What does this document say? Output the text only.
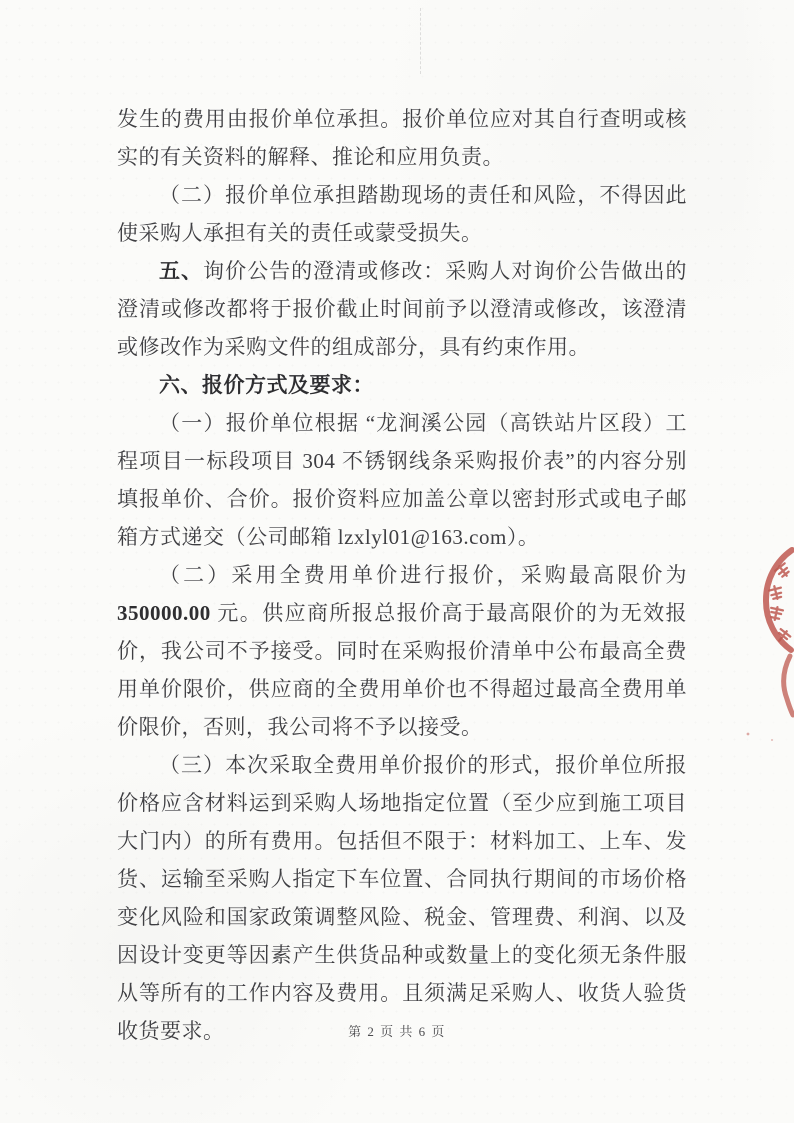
发生的费用由报价单位承担。报价单位应对其自行查明或核实的有关资料的解释、推论和应用负责。

（二）报价单位承担踏勘现场的责任和风险，不得因此使采购人承担有关的责任或蒙受损失。

五、询价公告的澄清或修改：采购人对询价公告做出的澄清或修改都将于报价截止时间前予以澄清或修改，该澄清或修改作为采购文件的组成部分，具有约束作用。

六、报价方式及要求：

（一）报价单位根据 “龙涧溪公园（高铁站片区段）工程项目一标段项目 304 不锈钢线条采购报价表”的内容分别填报单价、合价。报价资料应加盖公章以密封形式或电子邮箱方式递交（公司邮箱 lzxlyl01@163.com）。

（二）采用全费用单价进行报价，采购最高限价为 350000.00 元。供应商所报总报价高于最高限价的为无效报价，我公司不予接受。同时在采购报价清单中公布最高全费用单价限价，供应商的全费用单价也不得超过最高全费用单价限价，否则，我公司将不予以接受。

（三）本次采取全费用单价报价的形式，报价单位所报价格应含材料运到采购人场地指定位置（至少应到施工项目大门内）的所有费用。包括但不限于：材料加工、上车、发货、运输至采购人指定下车位置、合同执行期间的市场价格变化风险和国家政策调整风险、税金、管理费、利润、以及因设计变更等因素产生供货品种或数量上的变化须无条件服从等所有的工作内容及费用。且须满足采购人、收货人验货收货要求。	第 2 页 共 6 页
